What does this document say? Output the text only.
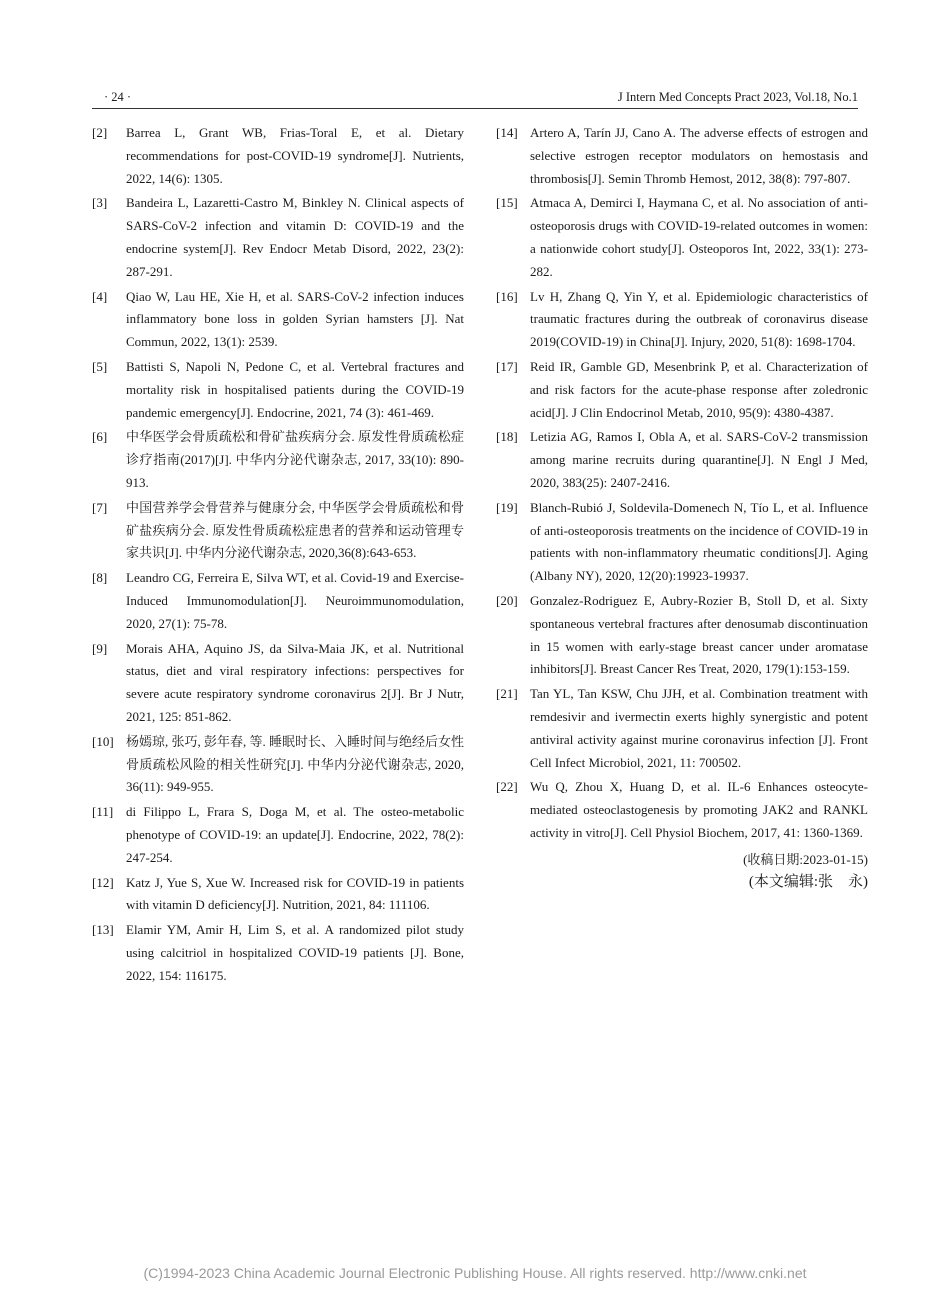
· 24 ·	J Intern Med Concepts Pract 2023, Vol.18, No.1
[2] Barrea L, Grant WB, Frias-Toral E, et al. Dietary recommendations for post-COVID-19 syndrome[J]. Nutrients, 2022, 14(6): 1305.
[3] Bandeira L, Lazaretti-Castro M, Binkley N. Clinical aspects of SARS-CoV-2 infection and vitamin D: COVID-19 and the endocrine system[J]. Rev Endocr Metab Disord, 2022, 23(2): 287-291.
[4] Qiao W, Lau HE, Xie H, et al. SARS-CoV-2 infection induces inflammatory bone loss in golden Syrian hamsters [J]. Nat Commun, 2022, 13(1): 2539.
[5] Battisti S, Napoli N, Pedone C, et al. Vertebral fractures and mortality risk in hospitalised patients during the COVID-19 pandemic emergency[J]. Endocrine, 2021, 74 (3): 461-469.
[6] 中华医学会骨质疏松和骨矿盐疾病分会. 原发性骨质疏松症诊疗指南(2017)[J]. 中华内分泌代谢杂志, 2017, 33(10): 890-913.
[7] 中国营养学会骨营养与健康分会, 中华医学会骨质疏松和骨矿盐疾病分会. 原发性骨质疏松症患者的营养和运动管理专家共识[J]. 中华内分泌代谢杂志, 2020,36(8):643-653.
[8] Leandro CG, Ferreira E, Silva WT, et al. Covid-19 and Exercise-Induced Immunomodulation[J]. Neuroimmunomodulation, 2020, 27(1): 75-78.
[9] Morais AHA, Aquino JS, da Silva-Maia JK, et al. Nutritional status, diet and viral respiratory infections: perspectives for severe acute respiratory syndrome coronavirus 2[J]. Br J Nutr, 2021, 125: 851-862.
[10] 杨嫣琼, 张巧, 彭年春, 等. 睡眠时长、入睡时间与绝经后女性骨质疏松风险的相关性研究[J]. 中华内分泌代谢杂志, 2020, 36(11): 949-955.
[11] di Filippo L, Frara S, Doga M, et al. The osteo-metabolic phenotype of COVID-19: an update[J]. Endocrine, 2022, 78(2): 247-254.
[12] Katz J, Yue S, Xue W. Increased risk for COVID-19 in patients with vitamin D deficiency[J]. Nutrition, 2021, 84: 111106.
[13] Elamir YM, Amir H, Lim S, et al. A randomized pilot study using calcitriol in hospitalized COVID-19 patients [J]. Bone, 2022, 154: 116175.
[14] Artero A, Tarín JJ, Cano A. The adverse effects of estrogen and selective estrogen receptor modulators on hemostasis and thrombosis[J]. Semin Thromb Hemost, 2012, 38(8): 797-807.
[15] Atmaca A, Demirci I, Haymana C, et al. No association of anti-osteoporosis drugs with COVID-19-related outcomes in women: a nationwide cohort study[J]. Osteoporos Int, 2022, 33(1): 273-282.
[16] Lv H, Zhang Q, Yin Y, et al. Epidemiologic characteristics of traumatic fractures during the outbreak of coronavirus disease 2019(COVID-19) in China[J]. Injury, 2020, 51(8): 1698-1704.
[17] Reid IR, Gamble GD, Mesenbrink P, et al. Characterization of and risk factors for the acute-phase response after zoledronic acid[J]. J Clin Endocrinol Metab, 2010, 95(9): 4380-4387.
[18] Letizia AG, Ramos I, Obla A, et al. SARS-CoV-2 transmission among marine recruits during quarantine[J]. N Engl J Med, 2020, 383(25): 2407-2416.
[19] Blanch-Rubió J, Soldevila-Domenech N, Tío L, et al. Influence of anti-osteoporosis treatments on the incidence of COVID-19 in patients with non-inflammatory rheumatic conditions[J]. Aging (Albany NY), 2020, 12(20):19923-19937.
[20] Gonzalez-Rodriguez E, Aubry-Rozier B, Stoll D, et al. Sixty spontaneous vertebral fractures after denosumab discontinuation in 15 women with early-stage breast cancer under aromatase inhibitors[J]. Breast Cancer Res Treat, 2020, 179(1):153-159.
[21] Tan YL, Tan KSW, Chu JJH, et al. Combination treatment with remdesivir and ivermectin exerts highly synergistic and potent antiviral activity against murine coronavirus infection [J]. Front Cell Infect Microbiol, 2021, 11: 700502.
[22] Wu Q, Zhou X, Huang D, et al. IL-6 Enhances osteocyte-mediated osteoclastogenesis by promoting JAK2 and RANKL activity in vitro[J]. Cell Physiol Biochem, 2017, 41: 1360-1369.
(收稿日期:2023-01-15)
(本文编辑:张　永)
(C)1994-2023 China Academic Journal Electronic Publishing House. All rights reserved. http://www.cnki.net
